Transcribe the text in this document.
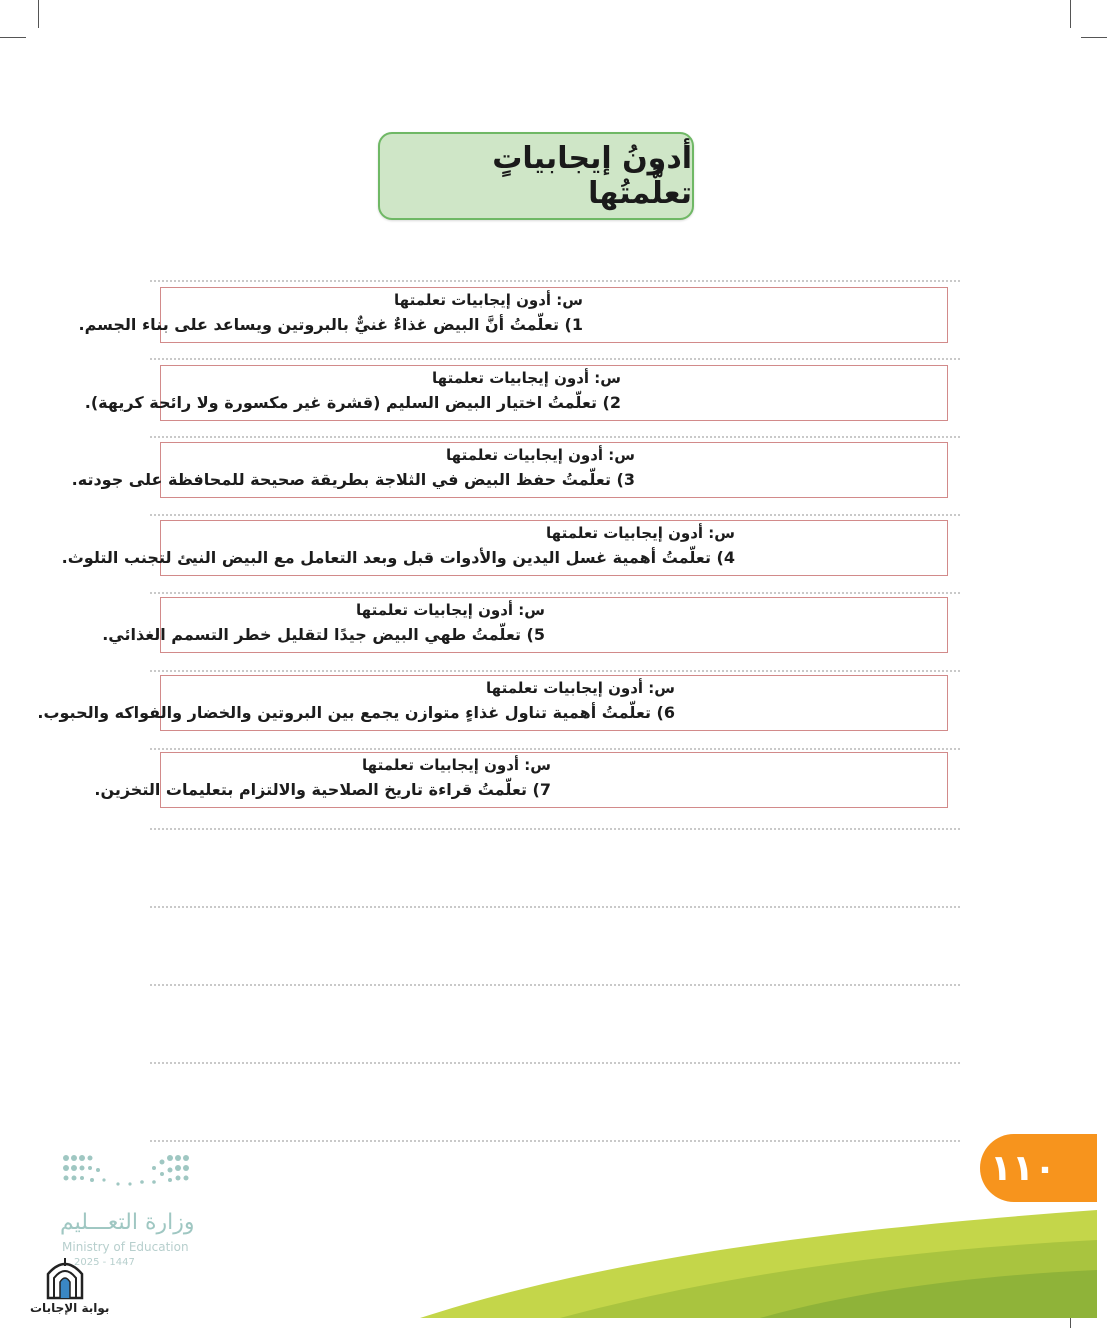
أدونُ إيجابياتٍ تعلَّمتُها
س: أدون إيجابيات تعلمتها
1) تعلّمتُ أنَّ البيض غذاءٌ غنيٌّ بالبروتين ويساعد على بناء الجسم.
س: أدون إيجابيات تعلمتها
2) تعلّمتُ اختيار البيض السليم (قشرة غير مكسورة ولا رائحة كريهة).
س: أدون إيجابيات تعلمتها
3) تعلّمتُ حفظ البيض في الثلاجة بطريقة صحيحة للمحافظة على جودته.
س: أدون إيجابيات تعلمتها
4) تعلّمتُ أهمية غسل اليدين والأدوات قبل وبعد التعامل مع البيض النيئ لتجنب التلوث.
س: أدون إيجابيات تعلمتها
5) تعلّمتُ طهي البيض جيدًا لتقليل خطر التسمم الغذائي.
س: أدون إيجابيات تعلمتها
6) تعلّمتُ أهمية تناول غذاءٍ متوازن يجمع بين البروتين والخضار والفواكه والحبوب.
س: أدون إيجابيات تعلمتها
7) تعلّمتُ قراءة تاريخ الصلاحية والالتزام بتعليمات التخزين.
١١٠
وزارة التعـــليم
Ministry of Education
2025 - 1447
بوابة الإجابات
